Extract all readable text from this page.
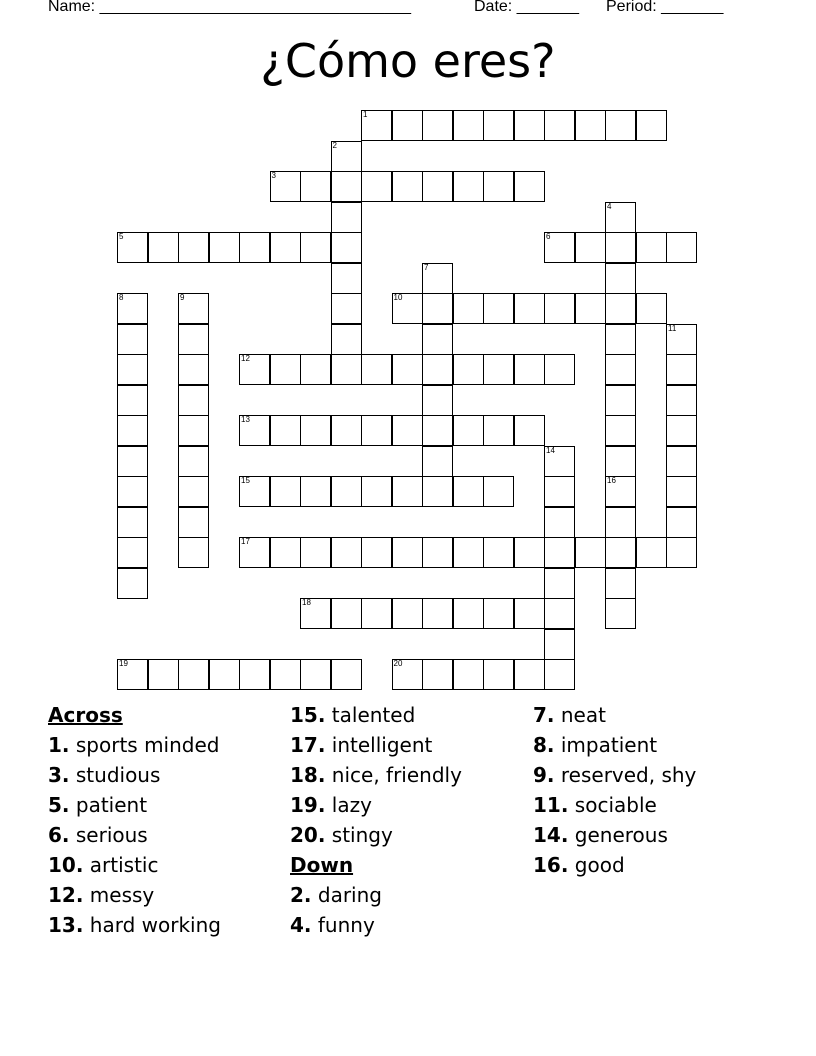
Name: ___________________________________	Date: _______ Period: _______
¿Cómo eres?
1
3
5	6
10
12
13
15
17
18
19	20
2
4
7
8	9
11
14
16
Across
1. sports minded
3. studious
5. patient
6. serious
10. artistic
12. messy
13. hard working
15. talented
17. intelligent
18. nice, friendly
19. lazy
20. stingy
Down
2. daring
4. funny
7. neat
8. impatient
9. reserved, shy
11. sociable
14. generous
16. good
